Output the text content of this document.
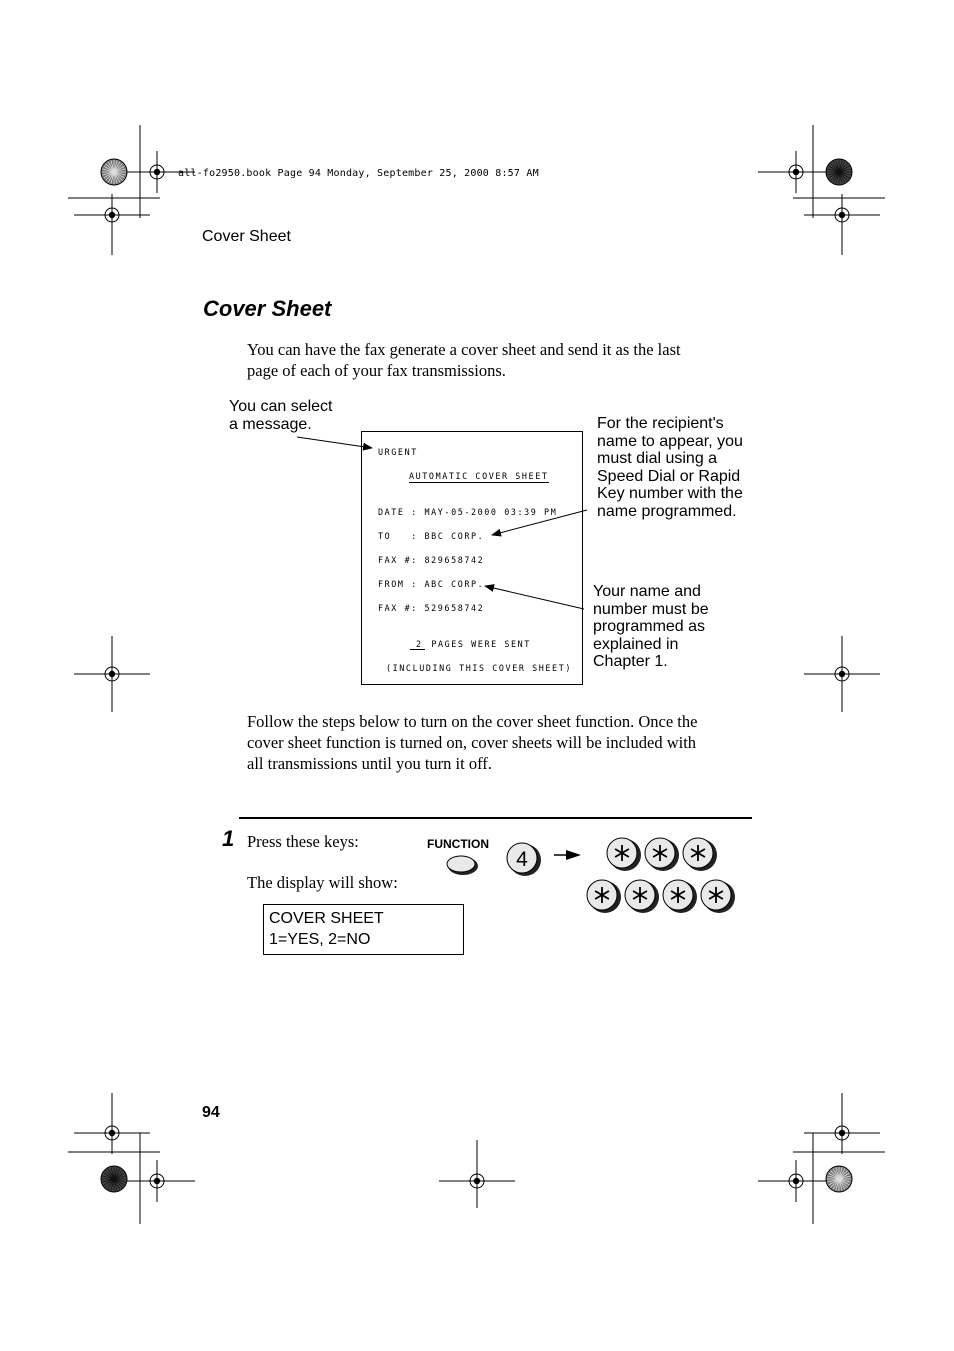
all-fo2950.book Page 94 Monday, September 25, 2000 8:57 AM
Cover Sheet
Cover Sheet
You can have the fax generate a cover sheet and send it as the last
page of each of your fax transmissions.
You can select
a message.	For the recipient's
name to appear, you
must dial using a
Speed Dial or Rapid
Key number with the
name programmed.
Your name and
number must be
programmed as
explained in
Chapter 1.
URGENT
AUTOMATIC COVER SHEET
DATE : MAY-05-2000 03:39 PM
TO   : BBC CORP.
FAX #: 829658742
FROM : ABC CORP.
FAX #: 529658742
2 PAGES WERE SENT
(INCLUDING THIS COVER SHEET)
Follow the steps below to turn on the cover sheet function. Once the
cover sheet function is turned on, cover sheets will be included with
all transmissions until you turn it off.
1 Press these keys:
The display will show:
FUNCTION
4
COVER SHEET
1=YES, 2=NO
94
